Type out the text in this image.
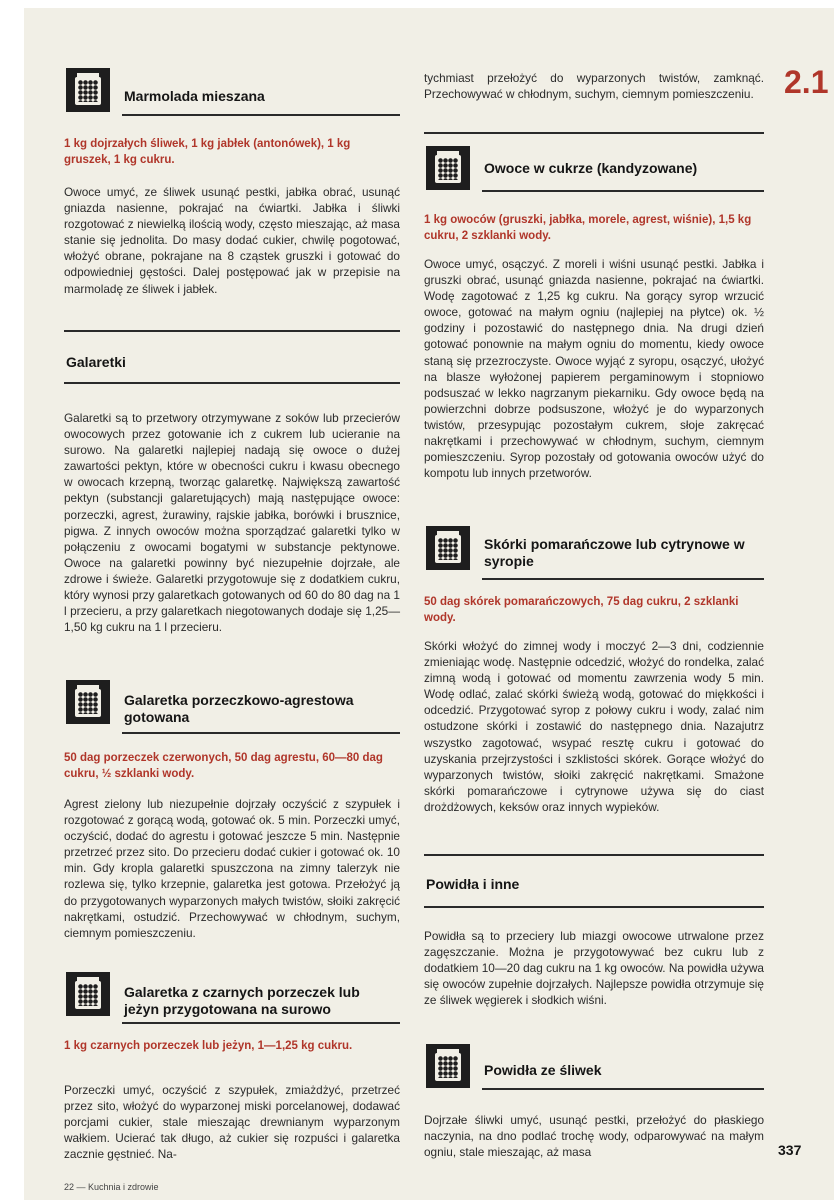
2.1
Marmolada mieszana
1 kg dojrzałych śliwek, 1 kg jabłek (antonówek), 1 kg gruszek, 1 kg cukru.
Owoce umyć, ze śliwek usunąć pestki, jabłka obrać, usunąć gniazda nasienne, pokrajać na ćwiartki. Jabłka i śliwki rozgotować z niewielką ilością wody, często mieszając, aż masa stanie się jednolita. Do masy dodać cukier, chwilę pogotować, włożyć obrane, pokrajane na 8 cząstek gruszki i gotować do odpowiedniej gęstości. Dalej postępować jak w przepisie na marmoladę ze śliwek i jabłek.
Galaretki
Galaretki są to przetwory otrzymywane z soków lub przecierów owocowych przez gotowanie ich z cukrem lub ucieranie na surowo. Na galaretki najlepiej nadają się owoce o dużej zawartości pektyn, które w obecności cukru i kwasu obecnego w owocach krzepną, tworząc galaretkę. Największą zawartość pektyn (substancji galaretujących) mają następujące owoce: porzeczki, agrest, żurawiny, rajskie jabłka, borówki i brusznice, pigwa. Z innych owoców można sporządzać galaretki tylko w połączeniu z owocami bogatymi w substancje pektynowe. Owoce na galaretki powinny być niezupełnie dojrzałe, ale zdrowe i świeże. Galaretki przygotowuje się z dodatkiem cukru, który wynosi przy galaretkach gotowanych od 60 do 80 dag na 1 l przecieru, a przy galaretkach niegotowanych dodaje się 1,25—1,50 kg cukru na 1 l przecieru.
Galaretka porzeczkowo-agrestowa gotowana
50 dag porzeczek czerwonych, 50 dag agrestu, 60—80 dag cukru, ½ szklanki wody.
Agrest zielony lub niezupełnie dojrzały oczyścić z szypułek i rozgotować z gorącą wodą, gotować ok. 5 min. Porzeczki umyć, oczyścić, dodać do agrestu i gotować jeszcze 5 min. Następnie przetrzeć przez sito. Do przecieru dodać cukier i gotować ok. 10 min. Gdy kropla galaretki spuszczona na zimny talerzyk nie rozlewa się, tylko krzepnie, galaretka jest gotowa. Przełożyć ją do przygotowanych wyparzonych małych twistów, słoiki zakręcić nakrętkami, ostudzić. Przechowywać w chłodnym, suchym, ciemnym pomieszczeniu.
Galaretka z czarnych porzeczek lub jeżyn przygotowana na surowo
1 kg czarnych porzeczek lub jeżyn, 1—1,25 kg cukru.
Porzeczki umyć, oczyścić z szypułek, zmiażdżyć, przetrzeć przez sito, włożyć do wyparzonej miski porcelanowej, dodawać porcjami cukier, stale mieszając drewnianym wyparzonym wałkiem. Ucierać tak długo, aż cukier się rozpuści i galaretka zacznie gęstnieć. Na-
tychmiast przełożyć do wyparzonych twistów, zamknąć. Przechowywać w chłodnym, suchym, ciemnym pomieszczeniu.
Owoce w cukrze (kandyzowane)
1 kg owoców (gruszki, jabłka, morele, agrest, wiśnie), 1,5 kg cukru, 2 szklanki wody.
Owoce umyć, osączyć. Z moreli i wiśni usunąć pestki. Jabłka i gruszki obrać, usunąć gniazda nasienne, pokrajać na ćwiartki. Wodę zagotować z 1,25 kg cukru. Na gorący syrop wrzucić owoce, gotować na małym ogniu (najlepiej na płytce) ok. ½ godziny i pozostawić do następnego dnia. Na drugi dzień gotować ponownie na małym ogniu do momentu, kiedy owoce staną się przezroczyste. Owoce wyjąć z syropu, osączyć, ułożyć na blasze wyłożonej papierem pergaminowym i stopniowo podsuszać w lekko nagrzanym piekarniku. Gdy owoce będą na powierzchni dobrze podsuszone, włożyć je do wyparzonych twistów, przesypując pozostałym cukrem, słoje zakręcać nakrętkami i przechowywać w chłodnym, suchym, ciemnym pomieszczeniu. Syrop pozostały od gotowania owoców użyć do kompotu lub innych przetworów.
Skórki pomarańczowe lub cytrynowe w syropie
50 dag skórek pomarańczowych, 75 dag cukru, 2 szklanki wody.
Skórki włożyć do zimnej wody i moczyć 2—3 dni, codziennie zmieniając wodę. Następnie odcedzić, włożyć do rondelka, zalać zimną wodą i gotować od momentu zawrzenia wody 5 min. Wodę odlać, zalać skórki świeżą wodą, gotować do miękkości i odcedzić. Przygotować syrop z połowy cukru i wody, zalać nim ostudzone skórki i zostawić do następnego dnia. Nazajutrz wszystko zagotować, wsypać resztę cukru i gotować do uzyskania przejrzystości i szklistości skórek. Gorące włożyć do wyparzonych twistów, słoiki zakręcić nakrętkami. Smażone skórki pomarańczowe i cytrynowe używa się do ciast drożdżowych, keksów oraz innych wypieków.
Powidła i inne
Powidła są to przeciery lub miazgi owocowe utrwalone przez zagęszczanie. Można je przygotowywać bez cukru lub z dodatkiem 10—20 dag cukru na 1 kg owoców. Na powidła używa się owoców zupełnie dojrzałych. Najlepsze powidła otrzymuje się ze śliwek węgierek i słodkich wiśni.
Powidła ze śliwek
Dojrzałe śliwki umyć, usunąć pestki, przełożyć do płaskiego naczynia, na dno podlać trochę wody, odparowywać na małym ogniu, stale mieszając, aż masa	337
22 — Kuchnia i zdrowie
